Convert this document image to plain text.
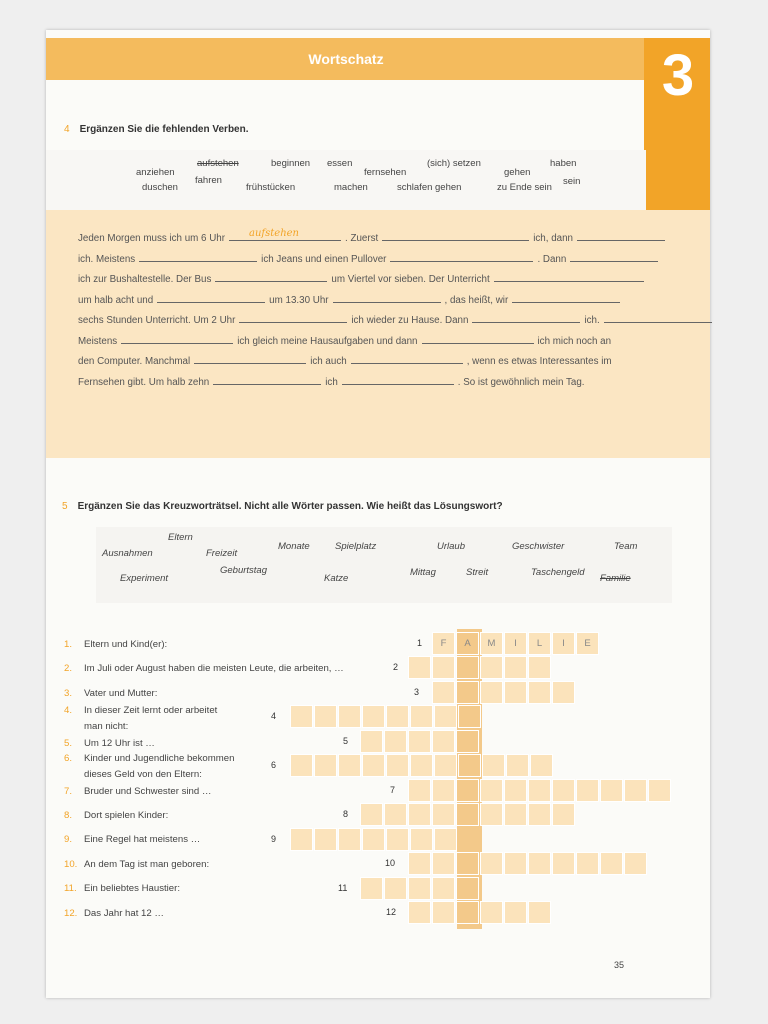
Wortschatz	3
4 Ergänzen Sie die fehlenden Verben.
anziehen
aufstehen
fahren
beginnen essen
fernsehen
(sich) setzen
gehen
haben
duschen	frühstücken	machen	schlafen gehen	zu Ende sein
sein
Jeden Morgen muss ich um 6 Uhr aufstehen	. Zuerst	ich, dann
ich. Meistens	ich Jeans und einen Pullover	. Dann
ich zur Bushaltestelle. Der Bus	um Viertel vor sieben. Der Unterricht
um halb acht und	um 13.30 Uhr	, das heißt, wir
sechs Stunden Unterricht. Um 2 Uhr	ich wieder zu Hause. Dann	ich.
Meistens	ich gleich meine Hausaufgaben und dann	ich mich noch an
den Computer. Manchmal	ich auch	, wenn es etwas Interessantes im
Fernsehen gibt. Um halb zehn	ich	. So ist gewöhnlich mein Tag.
5 Ergänzen Sie das Kreuzworträtsel. Nicht alle Wörter passen. Wie heißt das Lösungswort?
Eltern
Ausnahmen	Freizeit
Monate	Spielplatz	Urlaub	Geschwister	Team
Geburtstag
Experiment	Katze
Mittag	Streit	Taschengeld
Familie
1. Eltern und Kind(er):
2. Im Juli oder August haben die meisten Leute, die arbeiten, …
3. Vater und Mutter:
4. In dieser Zeit lernt oder arbeitet
man nicht:
5. Um 12 Uhr ist …
6. Kinder und Jugendliche bekommen
dieses Geld von den Eltern:
7. Bruder und Schwester sind …
8. Dort spielen Kinder:
9. Eine Regel hat meistens …
10. An dem Tag ist man geboren:
11. Ein beliebtes Haustier:
12. Das Jahr hat 12 …
1	F	A	M	I	L	I	E
2
3
4
5
6
7
8
9
10
11
12
35
